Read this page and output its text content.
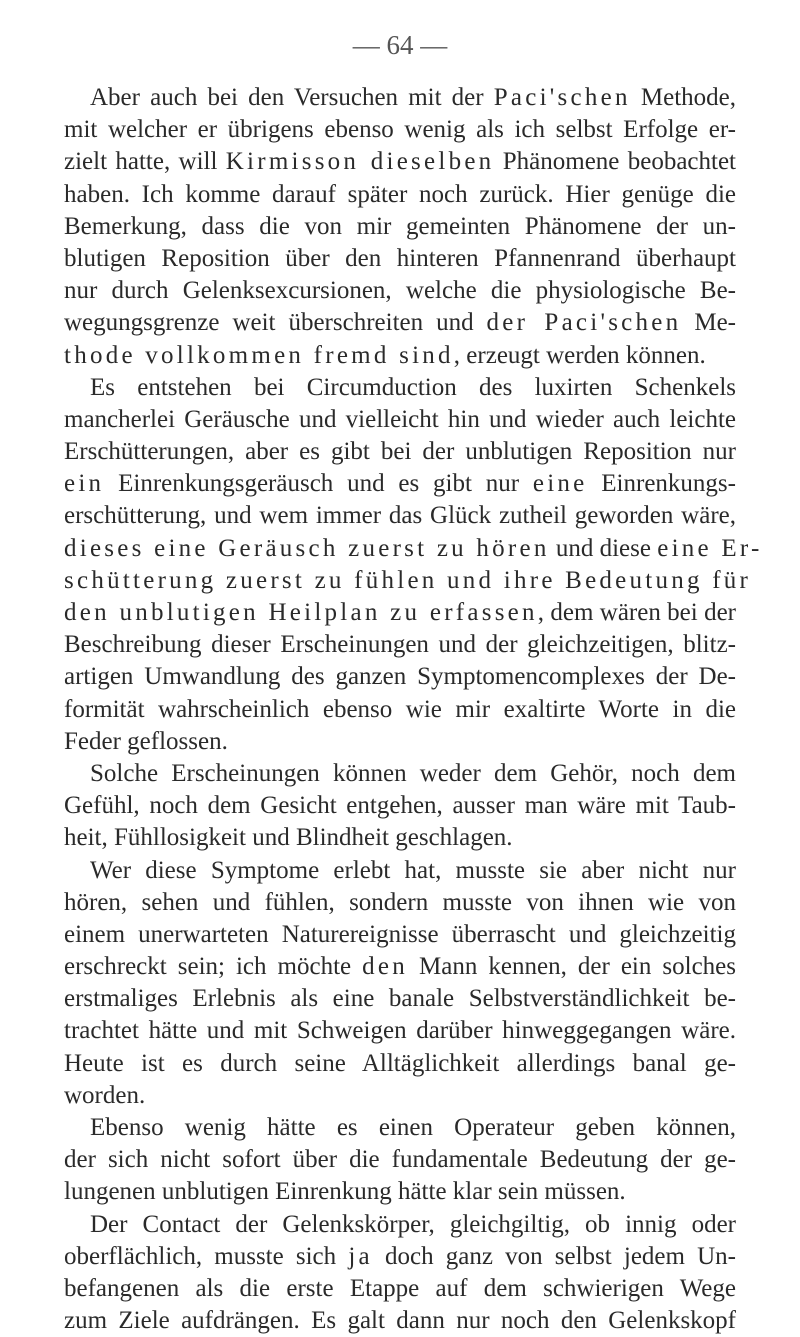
— 64 —
Aber auch bei den Versuchen mit der Paci'schen Methode,
mit welcher er übrigens ebenso wenig als ich selbst Erfolge er-
zielt hatte, will Kirmisson dieselben Phänomene beobachtet
haben. Ich komme darauf später noch zurück. Hier genüge die
Bemerkung, dass die von mir gemeinten Phänomene der un-
blutigen Reposition über den hinteren Pfannenrand überhaupt
nur durch Gelenksexcursionen, welche die physiologische Be-
wegungsgrenze weit überschreiten und der Paci'schen Me-
thode vollkommen fremd sind, erzeugt werden können.
Es entstehen bei Circumduction des luxirten Schenkels
mancherlei Geräusche und vielleicht hin und wieder auch leichte
Erschütterungen, aber es gibt bei der unblutigen Reposition nur
ein Einrenkungsgeräusch und es gibt nur eine Einrenkungs-
erschütterung, und wem immer das Glück zutheil geworden wäre,
dieses eine Geräusch zuerst zu hören und diese eine Er-
schütterung zuerst zu fühlen und ihre Bedeutung für
den unblutigen Heilplan zu erfassen, dem wären bei der
Beschreibung dieser Erscheinungen und der gleichzeitigen, blitz-
artigen Umwandlung des ganzen Symptomencomplexes der De-
formität wahrscheinlich ebenso wie mir exaltirte Worte in die
Feder geflossen.
Solche Erscheinungen können weder dem Gehör, noch dem
Gefühl, noch dem Gesicht entgehen, ausser man wäre mit Taub-
heit, Fühllosigkeit und Blindheit geschlagen.
Wer diese Symptome erlebt hat, musste sie aber nicht nur
hören, sehen und fühlen, sondern musste von ihnen wie von
einem unerwarteten Naturereignisse überrascht und gleichzeitig
erschreckt sein; ich möchte den Mann kennen, der ein solches
erstmaliges Erlebnis als eine banale Selbstverständlichkeit be-
trachtet hätte und mit Schweigen darüber hinweggegangen wäre.
Heute ist es durch seine Alltäglichkeit allerdings banal ge-
worden.
Ebenso wenig hätte es einen Operateur geben können,
der sich nicht sofort über die fundamentale Bedeutung der ge-
lungenen unblutigen Einrenkung hätte klar sein müssen.
Der Contact der Gelenkskörper, gleichgiltig, ob innig oder
oberflächlich, musste sich ja doch ganz von selbst jedem Un-
befangenen als die erste Etappe auf dem schwierigen Wege
zum Ziele aufdrängen. Es galt dann nur noch den Gelenkskopf
